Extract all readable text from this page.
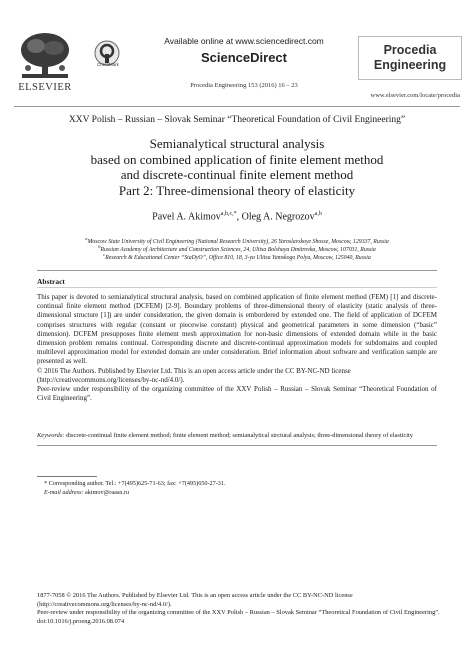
ELSEVIER
CrossMark
Available online at www.sciencedirect.com
ScienceDirect
Procedia Engineering 153 (2016) 16 – 23
Procedia
Engineering
www.elsevier.com/locate/procedia
XXV Polish – Russian – Slovak Seminar “Theoretical Foundation of Civil Engineering”
Semianalytical structural analysis
based on combined application of finite element method
and discrete-continual finite element method
Part 2: Three-dimensional theory of elasticity
Pavel A. Akimov$^{a,b,c,*}$, Oleg A. Negrozov$^{a,b}$
$^a$Moscow State University of Civil Engineering (National Research University), 26 Yaroslavskoye Shosse, Moscow, 129337, Russia
$^b$Russian Academy of Architecture and Construction Sciences, 24, Ulitsa Bolshaya Dmitrovka, Moscow, 107031, Russia
$^c$Research & Educational Center “StaDyO”, Office 810, 18, 3-ya Ulitsa Yamskogo Polya, Moscow, 125040, Russia
Abstract
This paper is devoted to semianalytical structural analysis, based on combined application of finite element method (FEM) [1] and discrete-continual finite element method (DCFEM) [2-9]. Boundary problems of three-dimensional theory of elasticity (static analysis of three-dimensional structure [1]) are under consideration, the given domain is embordered by extended one. The field of application of DCFEM comprises structures with regular (constant or piecewise constant) physical and geometrical parameters in some dimension (“basic” dimension). DCFEM presupposes finite element mesh approximation for non-basic dimensions of extended domain while in the basic dimension problem remains continual. Corresponding discrete and discrete-continual approximation models for subdomains and coupled multilevel approximation model for extended domain are under consideration. Brief information about software and verification sample are presented as well.
© 2016 The Authors. Published by Elsevier Ltd. This is an open access article under the CC BY-NC-ND license
(http://creativecommons.org/licenses/by-nc-nd/4.0/).
Peer-review under responsibility of the organizing committee of the XXV Polish – Russian – Slovak Seminar “Theoretical Foundation of Civil Engineering”.
Keywords: discrete-continual finite element method; finite element method; semianalytical strctural analysis; three-dimensional theory of elasticity
* Corresponding author. Tel.: +7(495)625-71-63; fax: +7(495)650-27-31.
E-mail address: akimov@raasn.ru
1877-7058 © 2016 The Authors. Published by Elsevier Ltd. This is an open access article under the CC BY-NC-ND license
(http://creativecommons.org/licenses/by-nc-nd/4.0/).
Peer-review under responsibility of the organizing committee of the XXV Polish – Russian – Slovak Seminar “Theoretical Foundation of Civil Engineering”.
doi:10.1016/j.proeng.2016.08.074
